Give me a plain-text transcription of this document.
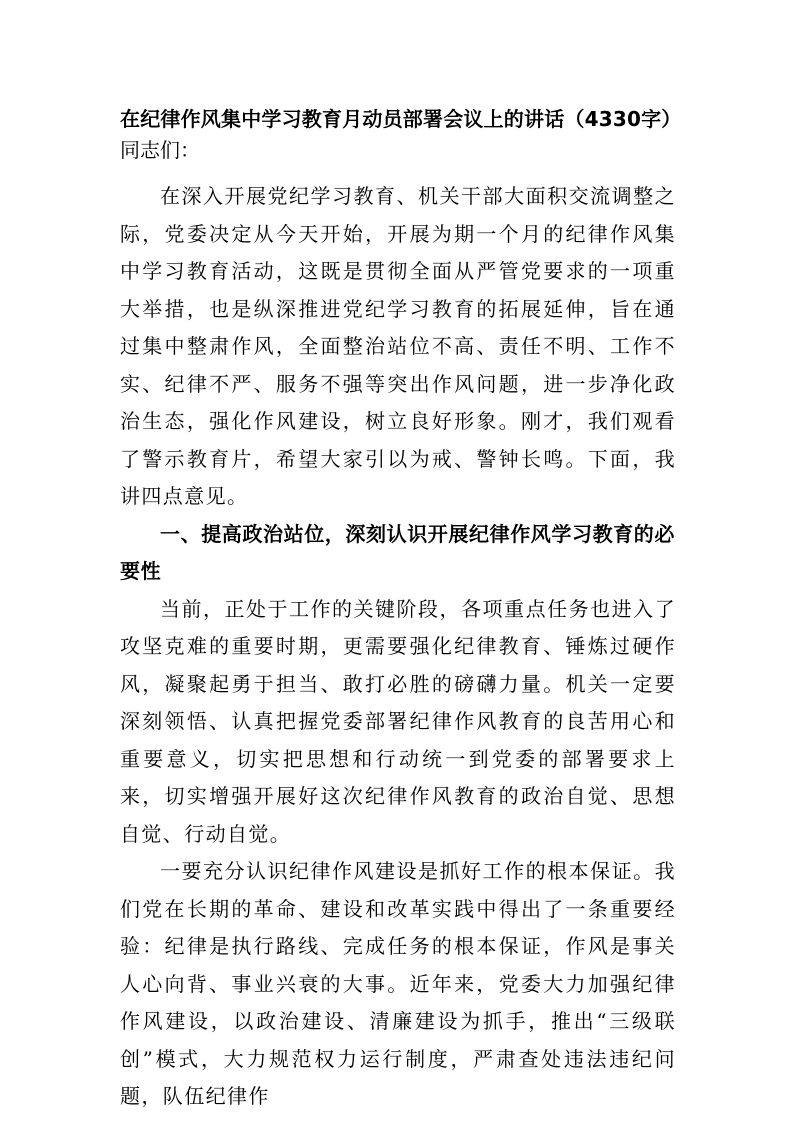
在纪律作风集中学习教育月动员部署会议上的讲话（4330字）

同志们：

在深入开展党纪学习教育、机关干部大面积交流调整之际，党委决定从今天开始，开展为期一个月的纪律作风集中学习教育活动，这既是贯彻全面从严管党要求的一项重大举措，也是纵深推进党纪学习教育的拓展延伸，旨在通过集中整肃作风，全面整治站位不高、责任不明、工作不实、纪律不严、服务不强等突出作风问题，进一步净化政治生态，强化作风建设，树立良好形象。刚才，我们观看了警示教育片，希望大家引以为戒、警钟长鸣。下面，我讲四点意见。

一、提高政治站位，深刻认识开展纪律作风学习教育的必要性

当前，正处于工作的关键阶段，各项重点任务也进入了攻坚克难的重要时期，更需要强化纪律教育、锤炼过硬作风，凝聚起勇于担当、敢打必胜的磅礴力量。机关一定要深刻领悟、认真把握党委部署纪律作风教育的良苦用心和重要意义，切实把思想和行动统一到党委的部署要求上来，切实增强开展好这次纪律作风教育的政治自觉、思想自觉、行动自觉。

一要充分认识纪律作风建设是抓好工作的根本保证。我们党在长期的革命、建设和改革实践中得出了一条重要经验：纪律是执行路线、完成任务的根本保证，作风是事关人心向背、事业兴衰的大事。近年来，党委大力加强纪律作风建设，以政治建设、清廉建设为抓手，推出“三级联创”模式，大力规范权力运行制度，严肃查处违法违纪问题，队伍纪律作
